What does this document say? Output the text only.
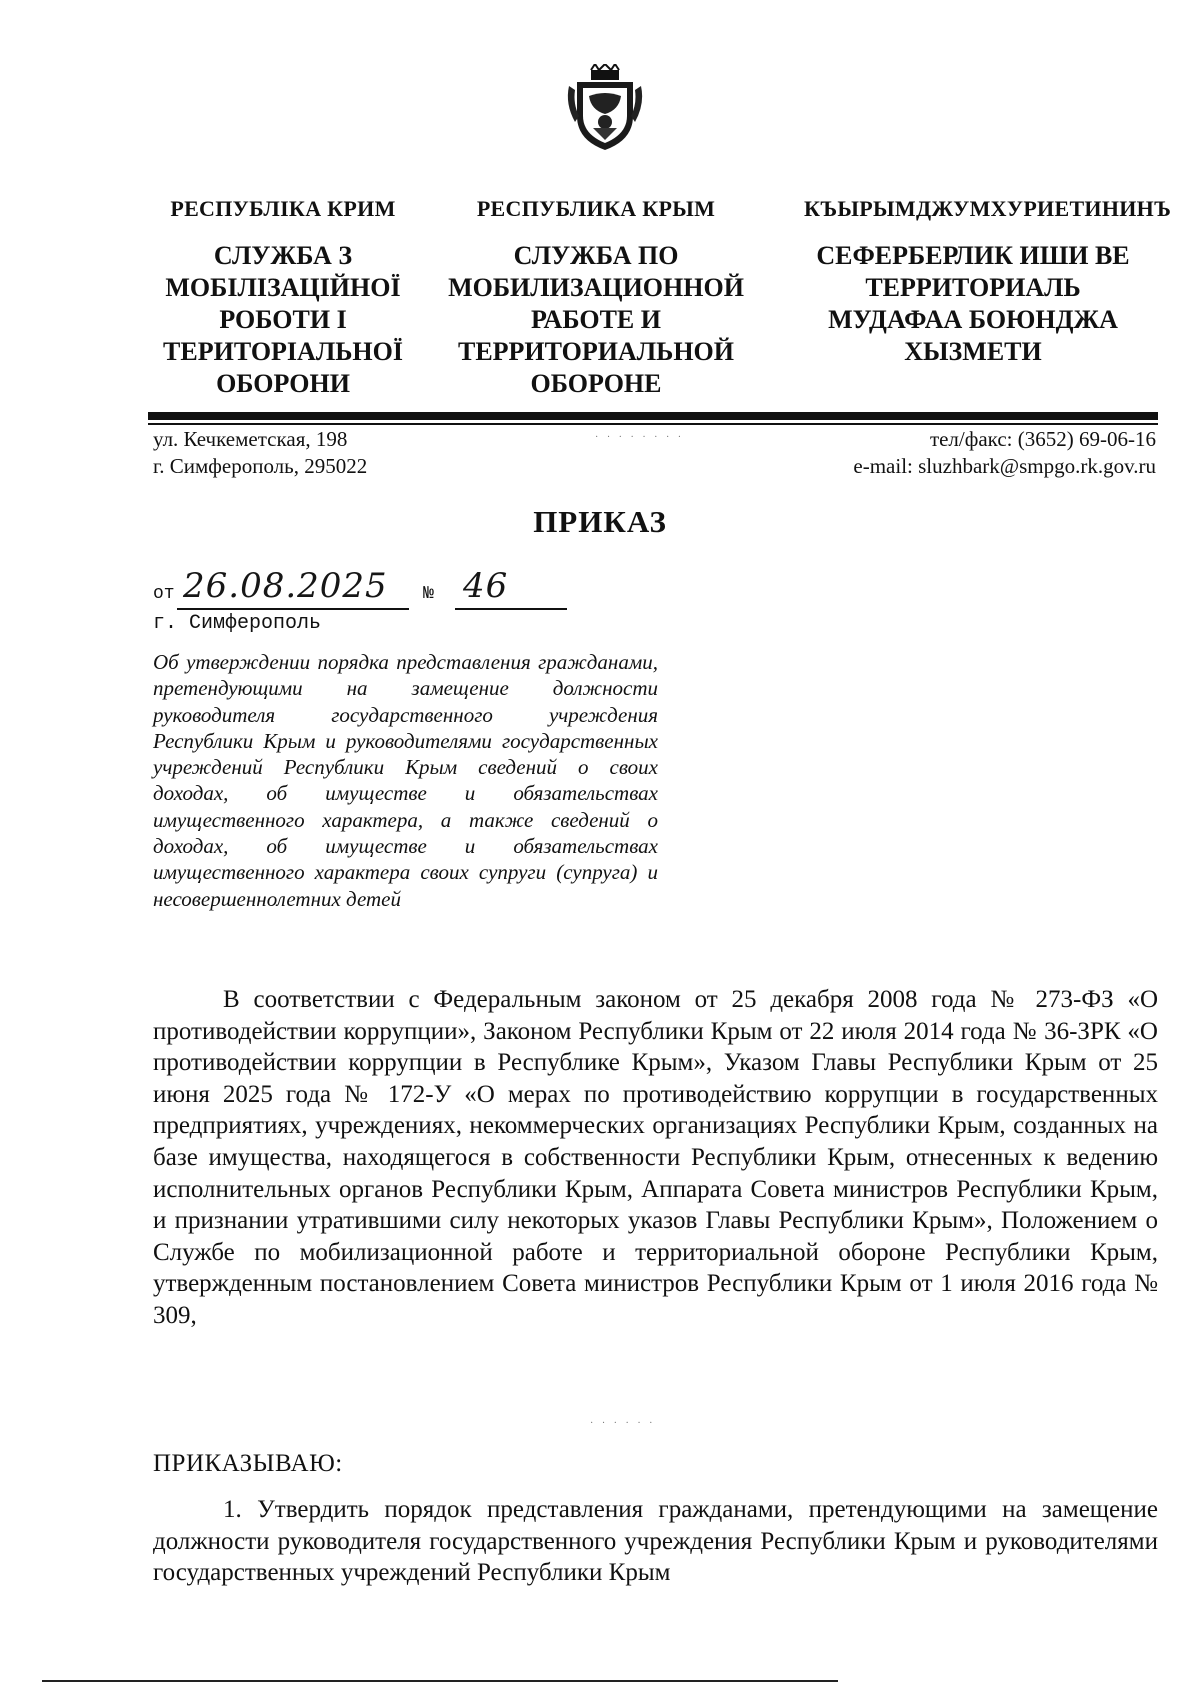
РЕСПУБЛІКА КРИМ
СЛУЖБА З
МОБІЛІЗАЦІЙНОЇ
РОБОТИ І
ТЕРИТОРІАЛЬНОЇ
ОБОРОНИ
РЕСПУБЛИКА КРЫМ
СЛУЖБА ПО
МОБИЛИЗАЦИОННОЙ
РАБОТЕ И
ТЕРРИТОРИАЛЬНОЙ
ОБОРОНЕ
КЪЫРЫМДЖУМХУРИЕТИНИНЪ
СЕФЕРБЕРЛИК ИШИ ВЕ
ТЕРРИТОРИАЛЬ
МУДАФАА БОЮНДЖА
ХЫЗМЕТИ
ул. Кечкеметская, 198
г. Симферополь, 295022
тел/факс: (3652) 69-06-16
e-mail: sluzhbark@smpgo.rk.gov.ru
· · · · · · · ·
ПРИКАЗ
от 26.08.2025 № 46
г. Симферополь
Об утверждении порядка представления гражданами, претендующими на замещение должности руководителя государственного учреждения Республики Крым и руководителями государственных учреждений Республики Крым сведений о своих доходах, об имуществе и обязательствах имущественного характера, а также сведений о доходах, об имуществе и обязательствах имущественного характера своих супруги (супруга) и несовершеннолетних детей
В соответствии с Федеральным законом от 25 декабря 2008 года № 273-ФЗ «О противодействии коррупции», Законом Республики Крым от 22 июля 2014 года № 36-ЗРК «О противодействии коррупции в Республике Крым», Указом Главы Республики Крым от 25 июня 2025 года № 172-У «О мерах по противодействию коррупции в государственных предприятиях, учреждениях, некоммерческих организациях Республики Крым, созданных на базе имущества, находящегося в собственности Республики Крым, отнесенных к ведению исполнительных органов Республики Крым, Аппарата Совета министров Республики Крым, и признании утратившими силу некоторых указов Главы Республики Крым», Положением о Службе по мобилизационной работе и территориальной обороне Республики Крым, утвержденным постановлением Совета министров Республики Крым от 1 июля 2016 года № 309,
· · · · · ·
ПРИКАЗЫВАЮ:
1. Утвердить порядок представления гражданами, претендующими на замещение должности руководителя государственного учреждения Республики Крым и руководителями государственных учреждений Республики Крым
